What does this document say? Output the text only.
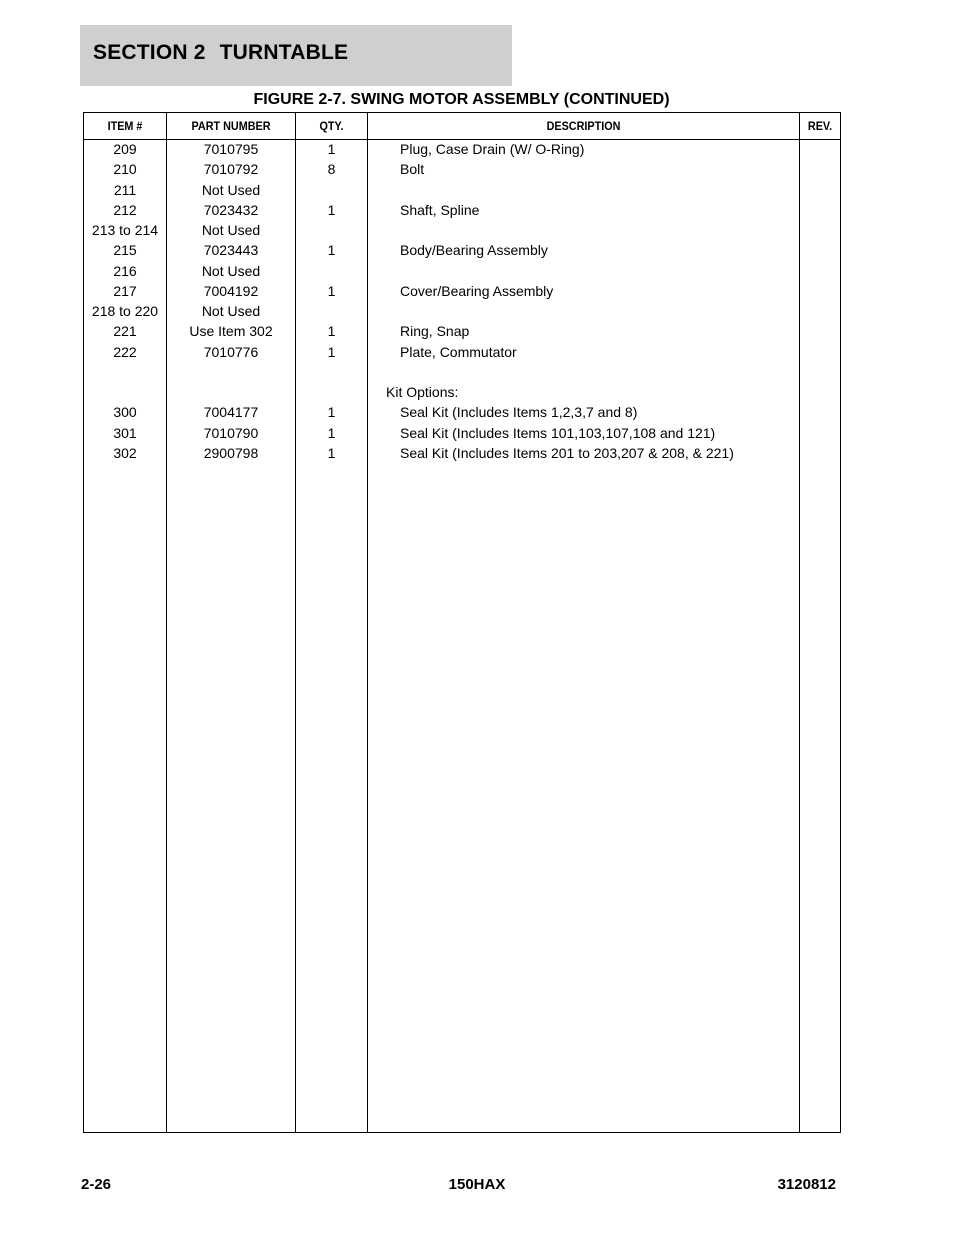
SECTION 2 TURNTABLE
FIGURE 2-7. SWING MOTOR ASSEMBLY (CONTINUED)
ITEM #	PART NUMBER	QTY.	DESCRIPTION	REV.
209	7010795	1	Plug, Case Drain (W/ O-Ring)
210	7010792	8	Bolt
211	Not Used
212	7023432	1	Shaft, Spline
213 to 214	Not Used
215	7023443	1	Body/Bearing Assembly
216	Not Used
217	7004192	1	Cover/Bearing Assembly
218 to 220	Not Used
221	Use Item 302	1	Ring, Snap
222	7010776	1	Plate, Commutator
Kit Options:
300	7004177	1	Seal Kit (Includes Items 1,2,3,7 and 8)
301	7010790	1	Seal Kit (Includes Items 101,103,107,108 and 121)
302	2900798	1	Seal Kit (Includes Items 201 to 203,207 & 208, & 221)
2-26	150HAX	3120812
